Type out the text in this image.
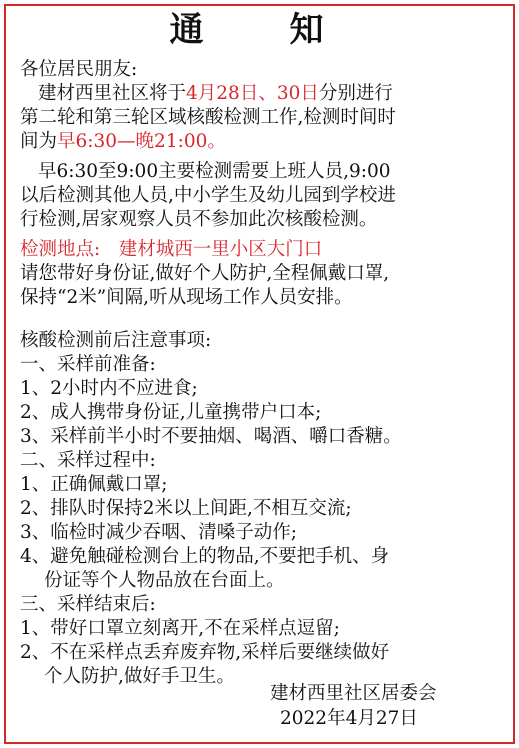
通　知
各位居民朋友:
建材西里社区将于4月28日、30日分别进行
第二轮和第三轮区域核酸检测工作,检测时间时
间为早6:30—晚21:00。
早6:30至9:00主要检测需要上班人员,9:00
以后检测其他人员,中小学生及幼儿园到学校进
行检测,居家观察人员不参加此次核酸检测。
检测地点:　建材城西一里小区大门口
请您带好身份证,做好个人防护,全程佩戴口罩,
保持“2米”间隔,听从现场工作人员安排。
核酸检测前后注意事项:
一、采样前准备:
1、2小时内不应进食;
2、成人携带身份证,儿童携带户口本;
3、采样前半小时不要抽烟、喝酒、嚼口香糖。
二、采样过程中:
1、正确佩戴口罩;
2、排队时保持2米以上间距,不相互交流;
3、临检时减少吞咽、清嗓子动作;
4、避免触碰检测台上的物品,不要把手机、身
份证等个人物品放在台面上。
三、采样结束后:
1、带好口罩立刻离开,不在采样点逗留;
2、不在采样点丢弃废弃物,采样后要继续做好
个人防护,做好手卫生。
建材西里社区居委会
2022年4月27日
